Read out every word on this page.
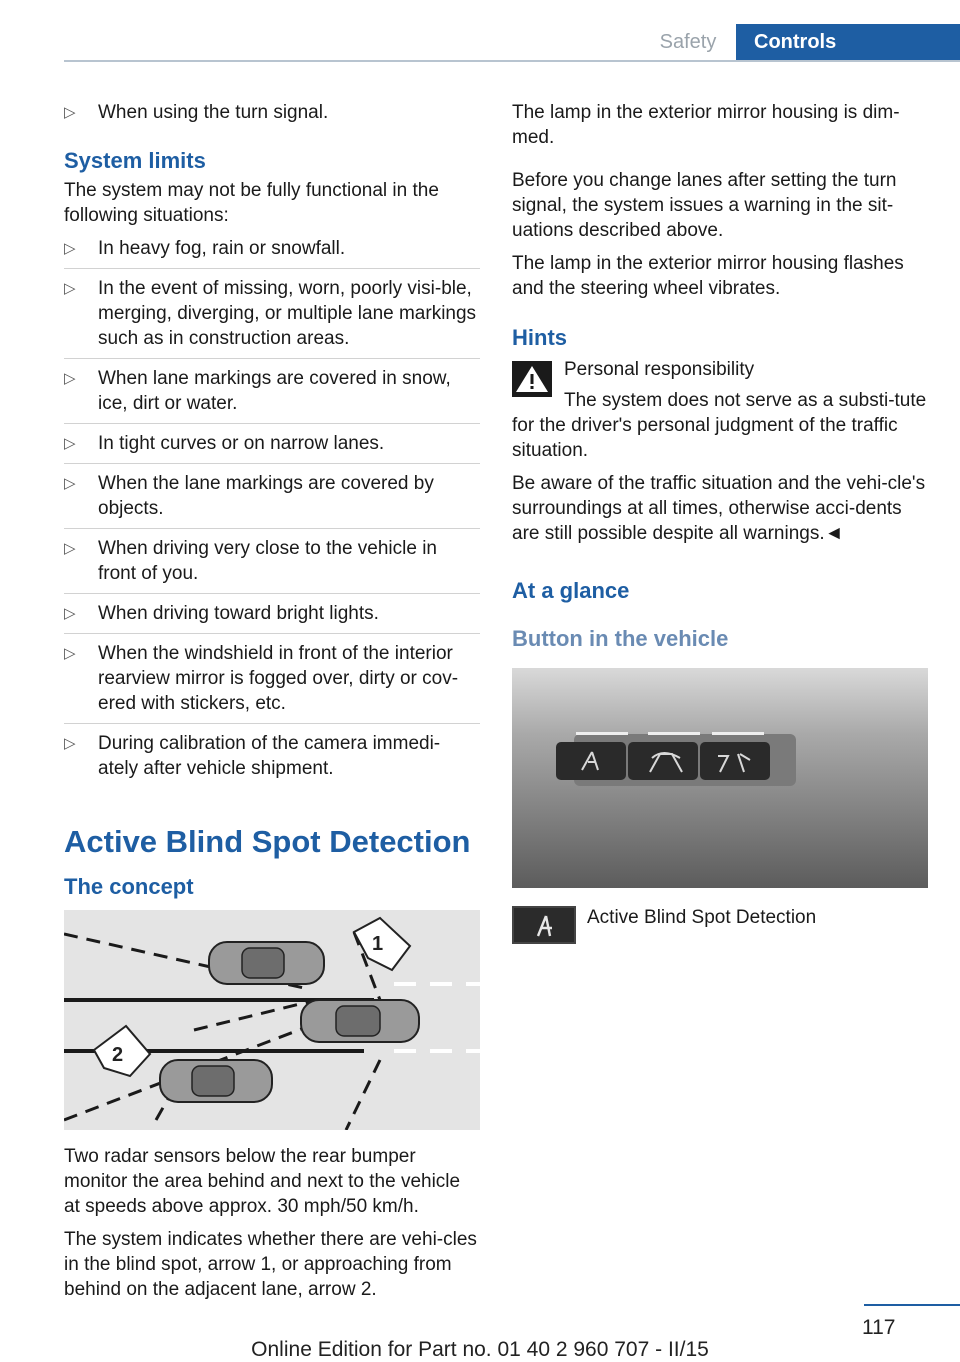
Safety	Controls
▷ When using the turn signal.
System limits

The system may not be fully functional in the following situations:

▷ In heavy fog, rain or snowfall.
▷ In the event of missing, worn, poorly visi-ble, merging, diverging, or multiple lane markings such as in construction areas.
▷ When lane markings are covered in snow, ice, dirt or water.
▷ In tight curves or on narrow lanes.
▷ When the lane markings are covered by objects.
▷ When driving very close to the vehicle in front of you.
▷ When driving toward bright lights.
▷ When the windshield in front of the interior rearview mirror is fogged over, dirty or cov-ered with stickers, etc.
▷ During calibration of the camera immedi-ately after vehicle shipment.
Active Blind Spot Detection
The concept
1
2

Two radar sensors below the rear bumper monitor the area behind and next to the vehicle at speeds above approx. 30 mph/50 km/h.

The system indicates whether there are vehi-cles in the blind spot, arrow 1, or approaching from behind on the adjacent lane, arrow 2.

The lamp in the exterior mirror housing is dim-med.

Before you change lanes after setting the turn signal, the system issues a warning in the sit-uations described above.

The lamp in the exterior mirror housing flashes and the steering wheel vibrates.

Hints

Personal responsibility

The system does not serve as a substi-tute for the driver's personal judgment of the traffic situation.

Be aware of the traffic situation and the vehi-cle's surroundings at all times, otherwise acci-dents are still possible despite all warnings.◄

At a glance
Button in the vehicle

Active Blind Spot Detection

117
Online Edition for Part no. 01 40 2 960 707 - II/15
